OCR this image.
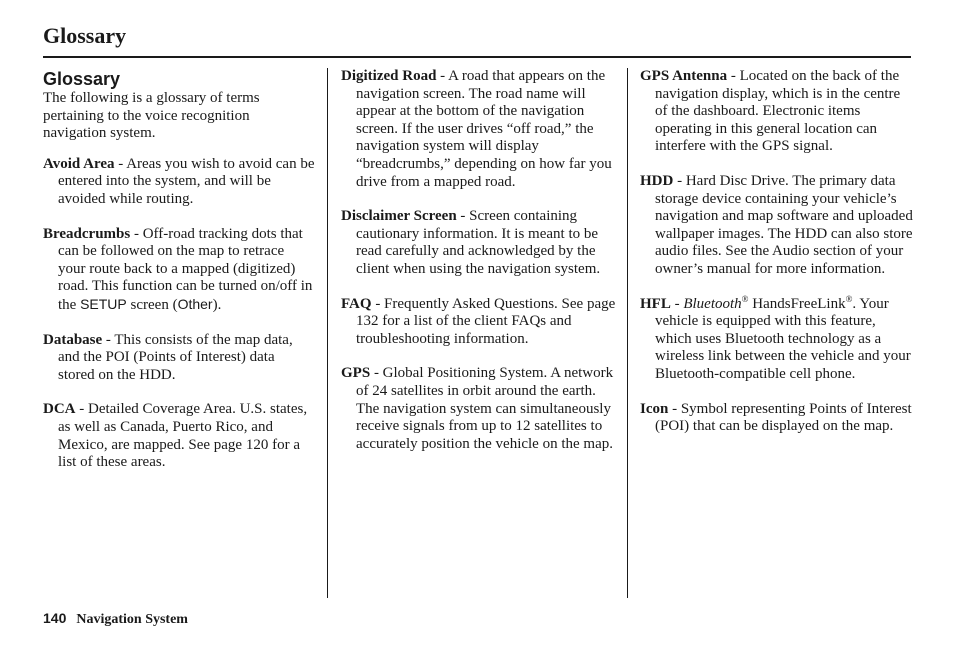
Glossary
Glossary
The following is a glossary of terms pertaining to the voice recognition navigation system.
Avoid Area - Areas you wish to avoid can be entered into the system, and will be avoided while routing.
Breadcrumbs - Off-road tracking dots that can be followed on the map to retrace your route back to a mapped (digitized) road. This function can be turned on/off in the SETUP screen (Other).
Database - This consists of the map data, and the POI (Points of Interest) data stored on the HDD.
DCA - Detailed Coverage Area. U.S. states, as well as Canada, Puerto Rico, and Mexico, are mapped. See page 120 for a list of these areas.
Digitized Road - A road that appears on the navigation screen. The road name will appear at the bottom of the navigation screen. If the user drives “off road,” the navigation system will display “breadcrumbs,” depending on how far you drive from a mapped road.
Disclaimer Screen - Screen containing cautionary information. It is meant to be read carefully and acknowledged by the client when using the navigation system.
FAQ - Frequently Asked Questions. See page 132 for a list of the client FAQs and troubleshooting information.
GPS - Global Positioning System. A network of 24 satellites in orbit around the earth. The navigation system can simultaneously receive signals from up to 12 satellites to accurately position the vehicle on the map.
GPS Antenna - Located on the back of the navigation display, which is in the centre of the dashboard. Electronic items operating in this general location can interfere with the GPS signal.
HDD - Hard Disc Drive. The primary data storage device containing your vehicle’s navigation and map software and uploaded wallpaper images. The HDD can also store audio files. See the Audio section of your owner’s manual for more information.
HFL - Bluetooth® HandsFreeLink®. Your vehicle is equipped with this feature, which uses Bluetooth technology as a wireless link between the vehicle and your Bluetooth-compatible cell phone.
Icon - Symbol representing Points of Interest (POI) that can be displayed on the map.
140 Navigation System
